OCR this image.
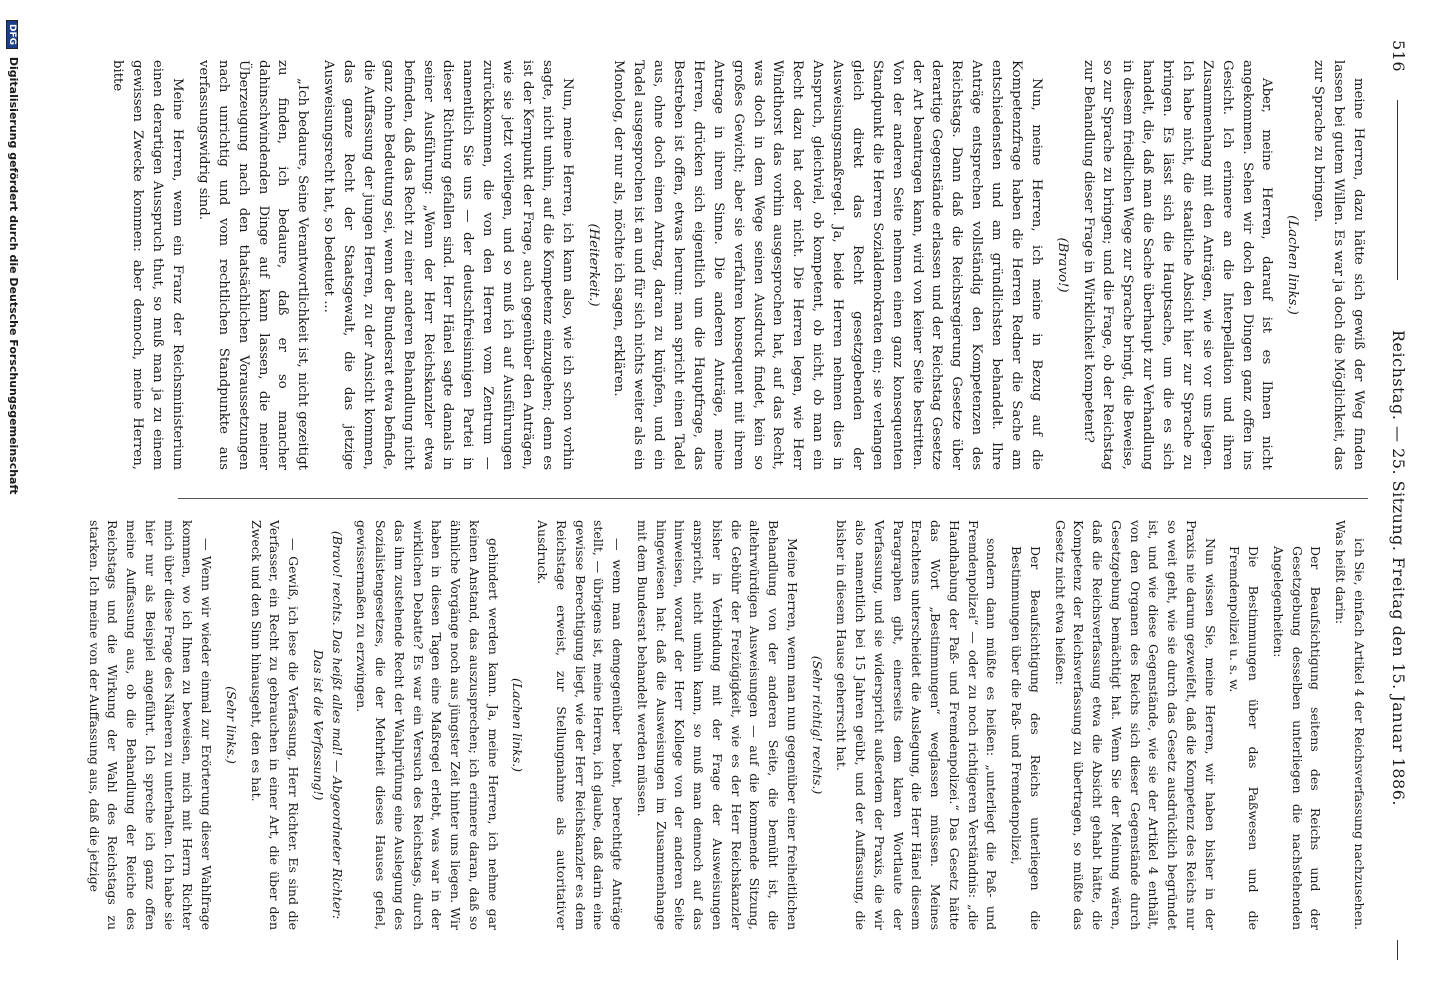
516
Reichstag. — 25. Sitzung. Freitag den 15. Januar 1886.

meine Herren, dazu hätte sich gewiß der Weg finden lassen bei gutem Willen. Es war ja doch die Möglichkeit, das zur Sprache zu bringen.

(Lachen links.)

Aber, meine Herren, darauf ist es Ihnen nicht angekommen. Sehen wir doch den Dingen ganz offen ins Gesicht. Ich erinnere an die Interpellation und ihren Zusammenhang mit den Anträgen, wie sie vor uns liegen. Ich habe nicht, die staatliche Absicht hier zur Sprache zu bringen. Es lässt sich die Hauptsache, um die es sich handelt, die, daß man die Sache überhaupt zur Verhandlung in diesem friedlichen Wege zur Sprache bringt, die Beweise, so zur Sprache zu bringen; und die Frage, ob der Reichstag zur Behandlung dieser Frage in Wirklichkeit kompetent?

(Bravo!)

Nun, meine Herren, ich meine in Bezug auf die Kompetenzfrage haben die Herren Redner die Sache am entschiedensten und am gründlichsten behandelt. Ihre Anträge entsprechen vollständig den Kompetenzen des Reichstags. Dann daß die Reichsregierung Gesetze über derartige Gegenstände erlassen und der Reichstag Gesetze der Art beantragen kann, wird von keiner Seite bestritten. Von der anderen Seite nehmen einen ganz konsequenten Standpunkt die Herren Sozialdemokraten ein; sie verlangen gleich direkt das Recht gesetzgebenden der Ausweisungsmaßregel. Ja, beide Herren nehmen dies in Anspruch, gleichviel, ob kompetent, ob nicht, ob man ein Recht dazu hat oder nicht. Die Herren legen, wie Herr Windthorst das vorhin ausgesprochen hat, auf das Recht, was doch in dem Wege seinen Ausdruck findet, kein so großes Gewicht; aber sie verfahren konsequent mit ihrem Antrage in ihrem Sinne. Die anderen Anträge, meine Herren, drücken sich eigentlich um die Hauptfrage, das Bestreben ist offen, etwas herum: man spricht einen Tadel aus, ohne doch einen Antrag, daran zu knüpfen, und ein Tadel ausgesprochen ist an und für sich nichts weiter als ein Monolog, der nur als, möchte ich sagen, erklären.

(Heiterkeit.)

Nun, meine Herren, ich kann also, wie ich schon vorhin sagte, nicht umhin, auf die Kompetenz einzugehen; denn es ist der Kernpunkt der Frage, auch gegenüber den Anträgen, wie sie jetzt vorliegen, und so muß ich auf Ausführungen zurückkommen, die von den Herren vom Zentrum — namentlich Sie uns — der deutschfreisinnigen Partei in dieser Richtung gefallen sind. Herr Hänel sagte damals in seiner Ausführung: „Wenn der Herr Reichskanzler etwa befinden, daß das Recht zu einer anderen Behandlung nicht ganz ohne Bedeutung sei, wenn der Bundesrat etwa befinde, die Auffassung der jungen Herren, zu der Ansicht kommen, das ganze Recht der Staatsgewalt, die das jetzige Ausweisungsrecht hat, so bedeutet ...

„Ich bedaure, Seine Verantwortlichkeit ist, nicht gezeitigt zu finden, ich bedaure, daß er so mancher dahinschwindenden Dinge auf kann lassen, die meiner Überzeugung nach den thatsächlichen Voraussetzungen nach unrichtig und vom rechtlichen Standpunkte aus verfassungswidrig sind.

Meine Herren, wenn ein Franz der Reichsministerium einen derartigen Ausspruch thut, so muß man ja zu einem gewissen Zwecke kommen: aber dennoch, meine Herren, bitte

ich Sie, einfach Artikel 4 der Reichsverfassung nachzusehen. Was heißt darin:

Der Beaufsichtigung seitens des Reichs und der Gesetzgebung desselben unterliegen die nachstehenden Angelegenheiten:

Die Bestimmungen über das Paßwesen und die Fremdenpolizei u. s. w.

Nun wissen Sie, meine Herren, wir haben bisher in der Praxis nie darum gezweifelt, daß die Kompetenz des Reichs nur so weit geht, wie sie durch das Gesetz ausdrücklich begründet ist, und wie diese Gegenstände, wie sie der Artikel 4 enthält, von den Organen des Reichs sich dieser Gegenstände durch Gesetzgebung bemächtigt hat. Wenn Sie der Meinung wären, daß die Reichsverfassung etwa die Absicht gehabt hätte, die Kompetenz der Reichsverfassung zu übertragen, so müßte das Gesetz nicht etwa heißen:

Der Beaufsichtigung des Reichs unterliegen die Bestimmungen über die Paß- und Fremdenpolizei,

sondern dann müßte es heißen: „unterliegt die Paß- und Fremdenpolizei“ — oder zu noch richtigeren Verständnis: „die Handhabung der Paß- und Fremdenpolizei.“ Das Gesetz hätte das Wort „Bestimmungen“ weglassen müssen. Meines Erachtens unterscheidet die Auslegung, die Herr Hänel diesem Paragraphen gibt, einerseits dem klaren Wortlaute der Verfassung, und sie widerspricht außerdem der Praxis, die wir also namentlich bei 15 Jahren geübt, und der Auffassung, die bisher in diesem Hause geherrscht hat.

(Sehr richtig! rechts.)

Meine Herren, wenn man nun gegenüber einer freiheitlichen Behandlung von der anderen Seite, die bemüht ist, die altehrwürdigen Ausweisungen — auf die kommende Sitzung, die Gebühr der Freizügigkeit, wie es der Herr Reichskanzler bisher in Verbindung mit der Frage der Ausweisungen anspricht, nicht umhin kann, so muß man dennoch auf das hinweisen, worauf der Herr Kollege von der anderen Seite hingewiesen hat: daß die Ausweisungen im Zusammenhange mit dem Bundesrat behandelt werden müssen.

— wenn man demgegenüber betont, berechtigte Anträge stellt, — übrigens ist, meine Herren, ich glaube, daß darin eine gewisse Berechtigung liegt, wie der Herr Reichskanzler es dem Reichstage erweist, zur Stellungnahme als autoritativer Ausdruck.

(Lachen links.)

gehindert werden kann. Ja, meine Herren, ich nehme gar keinen Anstand, das auszusprechen; ich erinnere daran, daß so ähnliche Vorgänge noch aus jüngster Zeit hinter uns liegen. Wir haben in diesen Tagen eine Maßregel erlebt, was war in der wirklichen Debatte? Es war ein Versuch des Reichstags, durch das ihm zustehende Recht der Wahlprüfung eine Auslegung des Sozialistengesetzes, die der Mehrheit dieses Hauses gefiel, gewissermaßen zu erzwingen.

(Bravo! rechts. Das heißt alles mal! — Abgeordneter Richter: Das ist die Verfassung!)

— Gewiß, ich lese die Verfassung, Herr Richter. Es sind die Verfasser, ein Recht zu gebrauchen in einer Art, die über den Zweck und den Sinn hinausgeht, den es hat.

(Sehr links.)

— Wenn wir wieder einmal zur Erörterung dieser Wahlfrage kommen, wo ich Ihnen zu beweisen, mich mit Herrn Richter mich über diese Frage des Näheren zu unterhalten. Ich habe sie hier nur als Beispiel angeführt. Ich spreche ich ganz offen meine Auffassung aus, ob die Behandlung der Reiche des Reichstags und die Wirkung der Wahl des Reichstags zu starken. Ich meine von der Auffassung aus, daß die jetzige

DFG Digitalisierung gefördert durch die Deutsche Forschungsgemeinschaft
